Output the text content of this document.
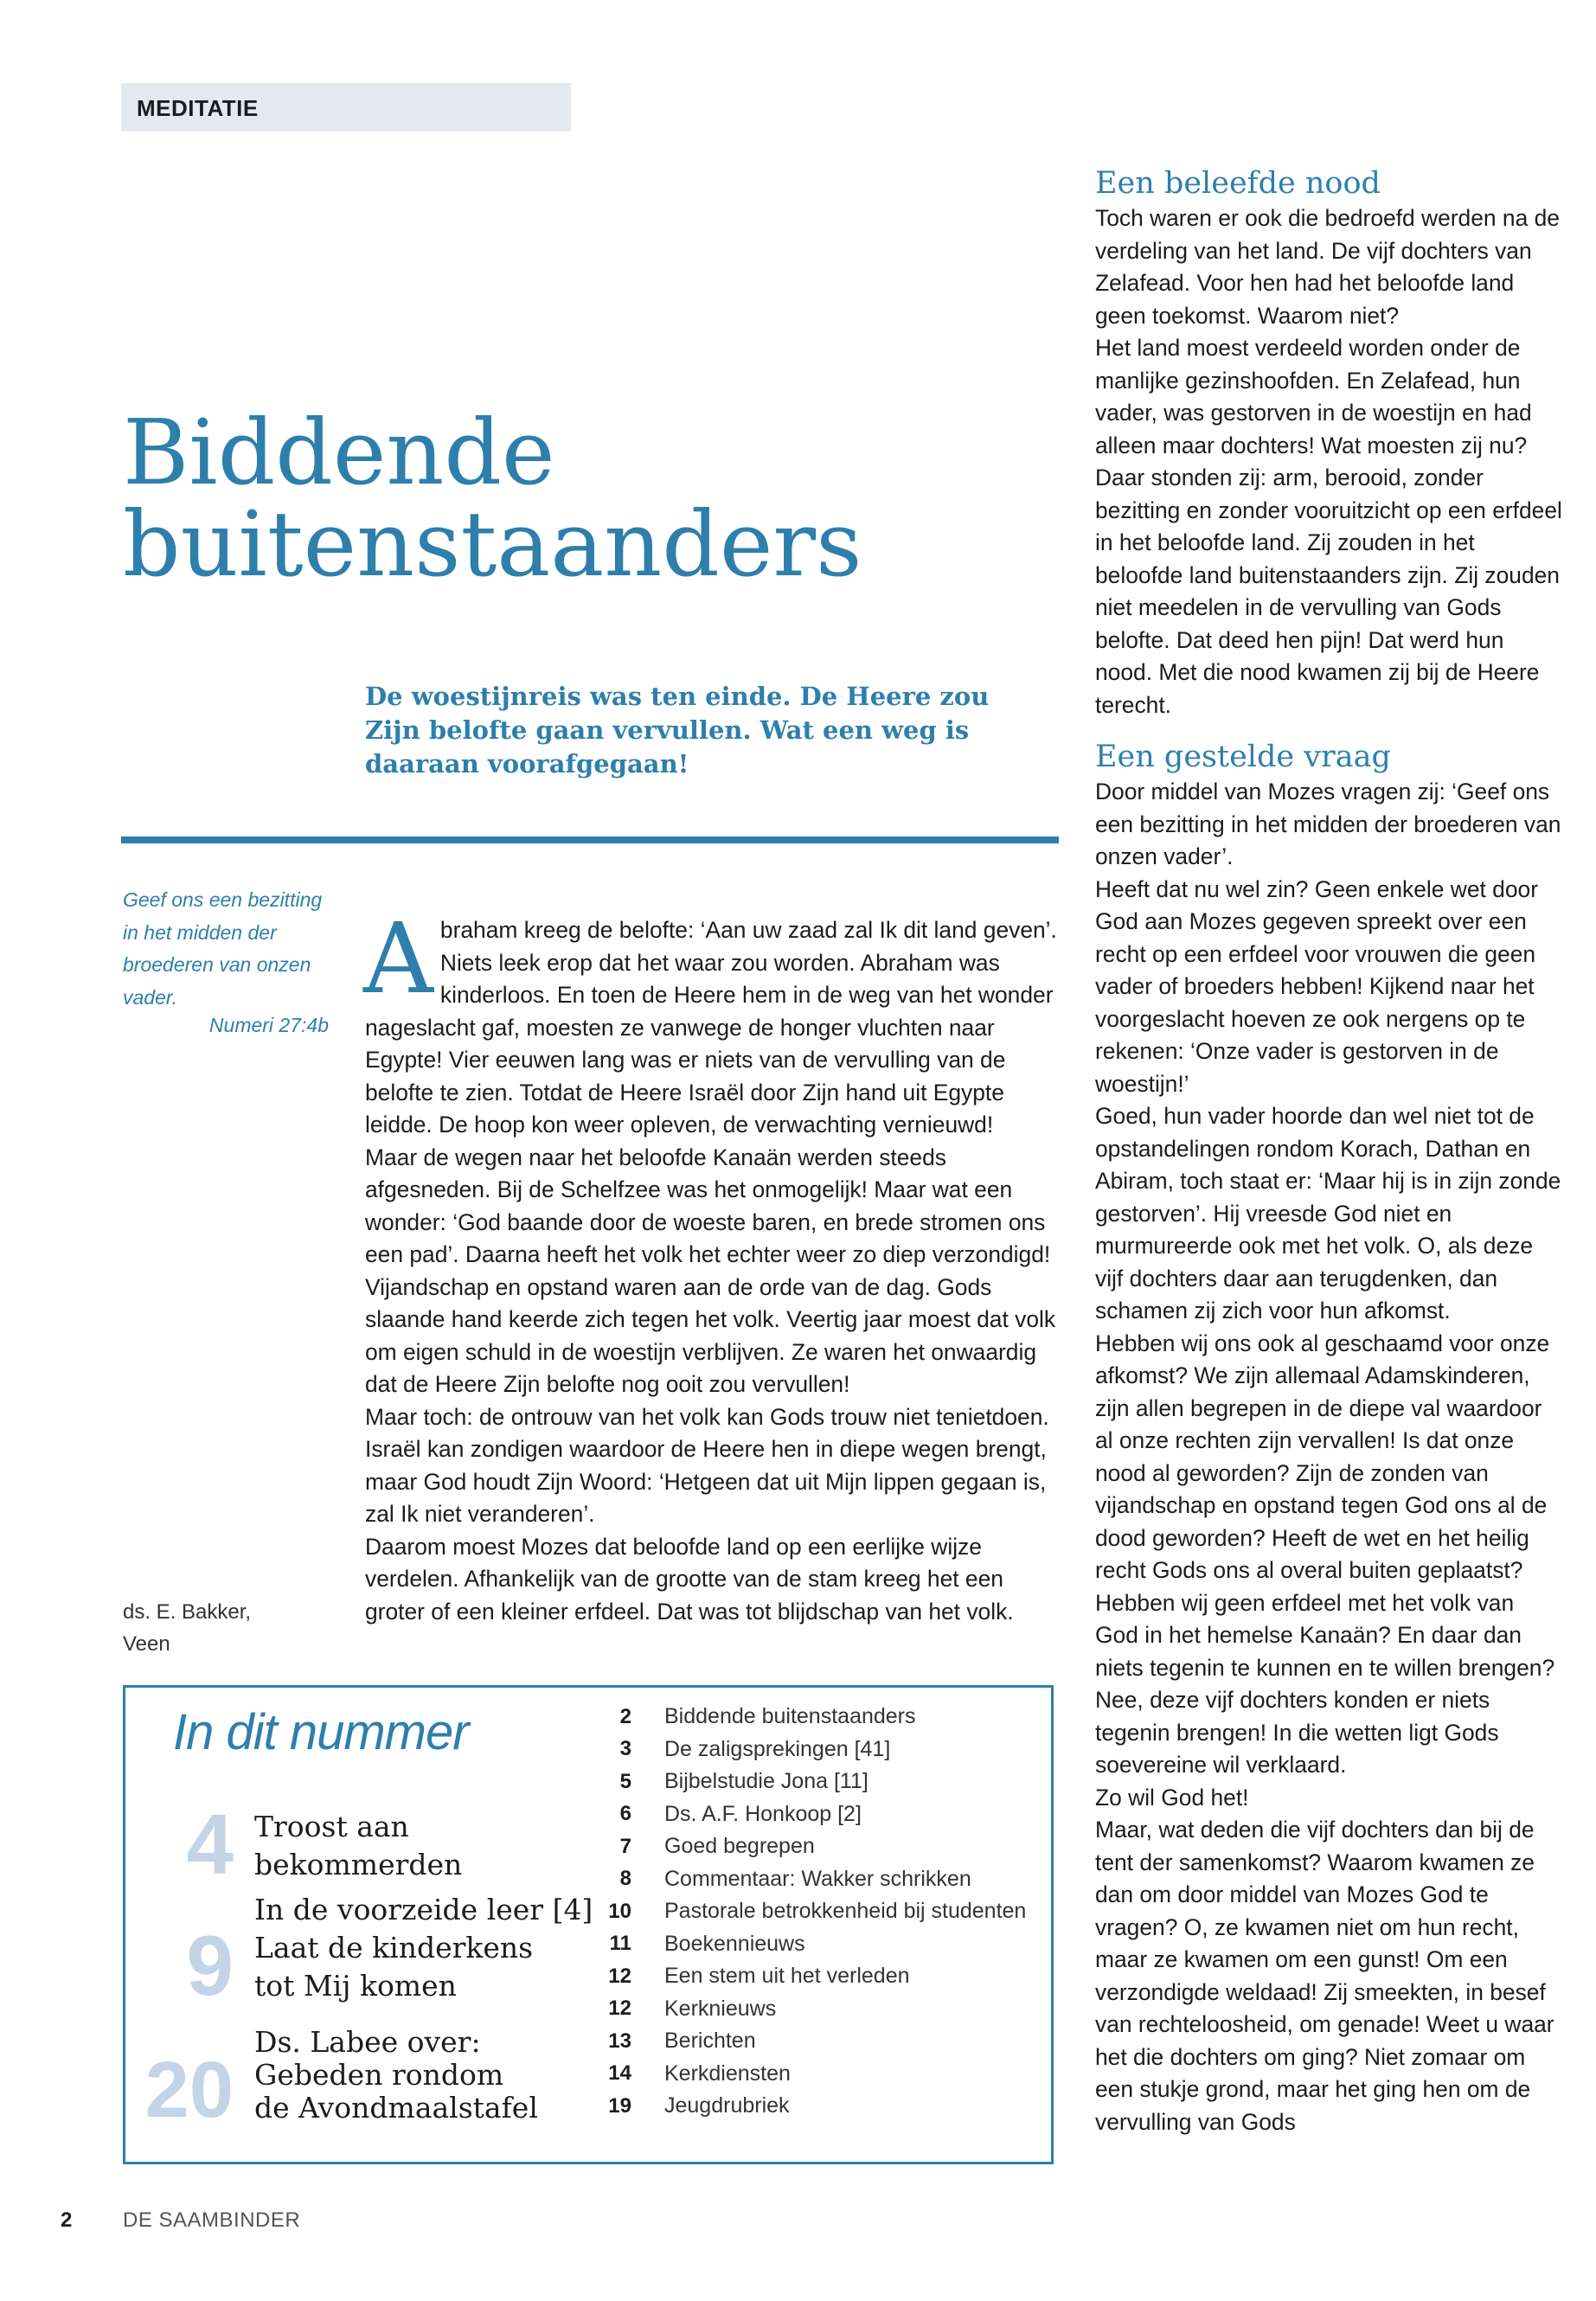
MEDITATIE
Biddende
buitenstaanders
De woestijnreis was ten einde. De Heere zou Zijn belofte gaan vervullen. Wat een weg is daaraan voorafgegaan!
Geef ons een bezitting
in het midden der
broederen van onzen
vader.
Numeri 27:4b
ds. E. Bakker,
Veen

Abraham kreeg de belofte: ‘Aan uw zaad zal Ik dit land geven’. Niets leek erop dat het waar zou worden. Abraham was kinderloos. En toen de Heere hem in de weg van het wonder nageslacht gaf, moesten ze vanwege de honger vluchten naar Egypte! Vier eeuwen lang was er niets van de vervulling van de belofte te zien. Totdat de Heere Israël door Zijn hand uit Egypte leidde. De hoop kon weer opleven, de verwachting vernieuwd!

Maar de wegen naar het beloofde Kanaän werden steeds afgesneden. Bij de Schelfzee was het onmogelijk! Maar wat een wonder: ‘God baande door de woeste baren, en brede stromen ons een pad’. Daarna heeft het volk het echter weer zo diep verzondigd! Vijandschap en opstand waren aan de orde van de dag. Gods slaande hand keerde zich tegen het volk. Veertig jaar moest dat volk om eigen schuld in de woestijn verblijven. Ze waren het onwaardig dat de Heere Zijn belofte nog ooit zou vervullen!

Maar toch: de ontrouw van het volk kan Gods trouw niet tenietdoen. Israël kan zondigen waardoor de Heere hen in diepe wegen brengt, maar God houdt Zijn Woord: ‘Hetgeen dat uit Mijn lippen gegaan is, zal Ik niet veranderen’.

Daarom moest Mozes dat beloofde land op een eerlijke wijze verdelen. Afhankelijk van de grootte van de stam kreeg het een groter of een kleiner erfdeel. Dat was tot blijdschap van het volk.

Een beleefde nood

Toch waren er ook die bedroefd werden na de verdeling van het land. De vijf dochters van Zelafead. Voor hen had het beloofde land geen toekomst. Waarom niet?

Het land moest verdeeld worden onder de manlijke gezinshoofden. En Zelafead, hun vader, was gestorven in de woestijn en had alleen maar dochters! Wat moesten zij nu? Daar stonden zij: arm, berooid, zonder bezitting en zonder vooruitzicht op een erfdeel in het beloofde land. Zij zouden in het beloofde land buitenstaanders zijn. Zij zouden niet meedelen in de vervulling van Gods belofte. Dat deed hen pijn! Dat werd hun nood. Met die nood kwamen zij bij de Heere terecht.

Een gestelde vraag

Door middel van Mozes vragen zij: ‘Geef ons een bezitting in het midden der broederen van onzen vader’.

Heeft dat nu wel zin? Geen enkele wet door God aan Mozes gegeven spreekt over een recht op een erfdeel voor vrouwen die geen vader of broeders hebben! Kijkend naar het voorgeslacht hoeven ze ook nergens op te rekenen: ‘Onze vader is gestorven in de woestijn!’

Goed, hun vader hoorde dan wel niet tot de opstandelingen rondom Korach, Dathan en Abiram, toch staat er: ‘Maar hij is in zijn zonde gestorven’. Hij vreesde God niet en murmureerde ook met het volk. O, als deze vijf dochters daar aan terugdenken, dan schamen zij zich voor hun afkomst.

Hebben wij ons ook al geschaamd voor onze afkomst? We zijn allemaal Adamskinderen, zijn allen begrepen in de diepe val waardoor al onze rechten zijn vervallen! Is dat onze nood al geworden? Zijn de zonden van vijandschap en opstand tegen God ons al de dood geworden? Heeft de wet en het heilig recht Gods ons al overal buiten geplaatst?

Hebben wij geen erfdeel met het volk van God in het hemelse Kanaän? En daar dan niets tegenin te kunnen en te willen brengen? Nee, deze vijf dochters konden er niets tegenin brengen! In die wetten ligt Gods soevereine wil verklaard.

Zo wil God het!

Maar, wat deden die vijf dochters dan bij de tent der samenkomst? Waarom kwamen ze dan om door middel van Mozes God te vragen? O, ze kwamen niet om hun recht, maar ze kwamen om een gunst! Om een verzondigde weldaad! Zij smeekten, in besef van rechteloosheid, om genade! Weet u waar het die dochters om ging? Niet zomaar om een stukje grond, maar het ging hen om de vervulling van Gods

In dit nummer
4 Troost aan
bekommerden
9
In de voorzeide leer [4]
Laat de kinderkens
tot Mij komen
20
Ds. Labee over:
Gebeden rondom
de Avondmaalstafel
2 Biddende buitenstaanders
3 De zaligsprekingen [41]
5 Bijbelstudie Jona [11]
6 Ds. A.F. Honkoop [2]
7 Goed begrepen
8 Commentaar: Wakker schrikken
10 Pastorale betrokkenheid bij studenten
11 Boekennieuws
12 Een stem uit het verleden
12 Kerknieuws
13 Berichten
14 Kerkdiensten
19 Jeugdrubriek
2 DE SAAMBINDER
